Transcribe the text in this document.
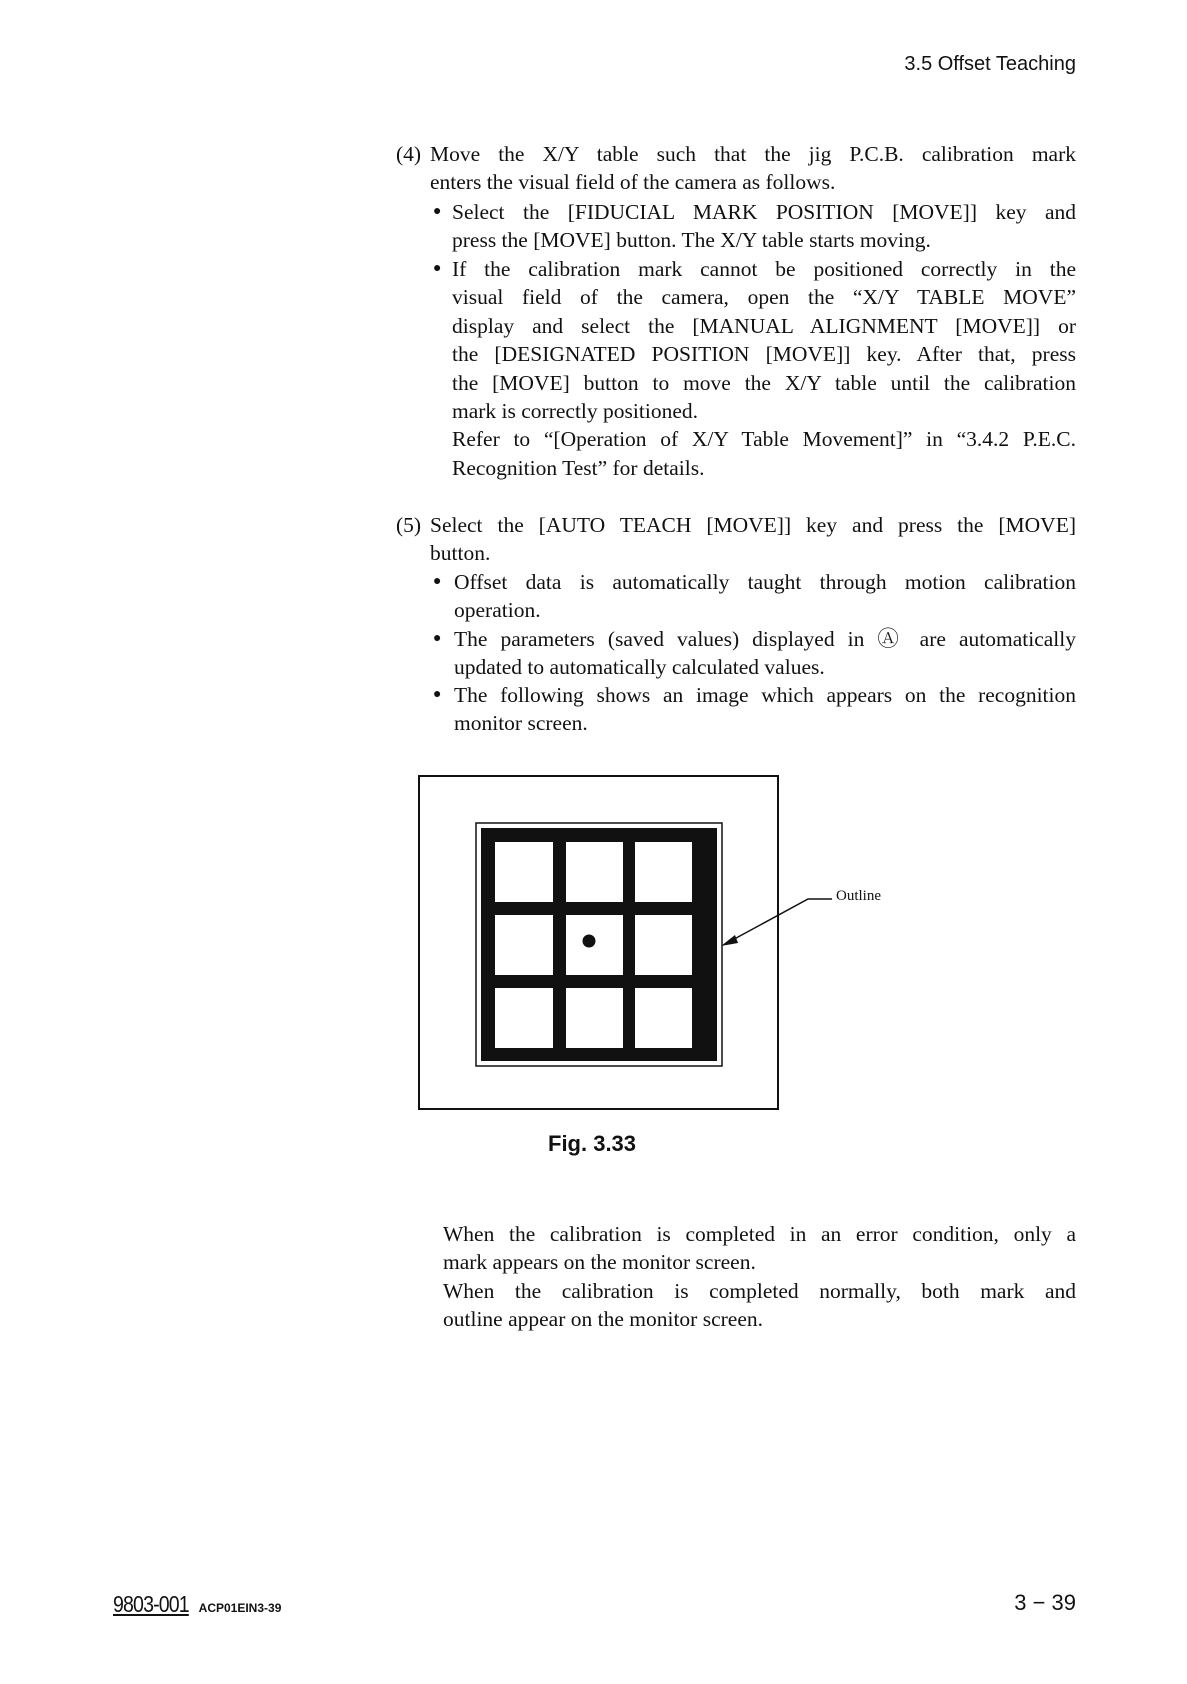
3.5 Offset Teaching
(4) Move the X/Y table such that the jig P.C.B. calibration mark
enters the visual field of the camera as follows.
● Select the [FIDUCIAL MARK POSITION [MOVE]] key and
press the [MOVE] button. The X/Y table starts moving.
● If the calibration mark cannot be positioned correctly in the
visual field of the camera, open the “X/Y TABLE MOVE”
display and select the [MANUAL ALIGNMENT [MOVE]] or
the [DESIGNATED POSITION [MOVE]] key. After that, press
the [MOVE] button to move the X/Y table until the calibration
mark is correctly positioned.
Refer to “[Operation of X/Y Table Movement]” in “3.4.2 P.E.C.
Recognition Test” for details.
(5) Select the [AUTO TEACH [MOVE]] key and press the [MOVE]
button.
● Offset data is automatically taught through motion calibration
operation.
● The parameters (saved values) displayed in Ⓐ are automatically
updated to automatically calculated values.
● The following shows an image which appears on the recognition
monitor screen.
Outline
Fig. 3.33
When the calibration is completed in an error condition, only a
mark appears on the monitor screen.
When the calibration is completed normally, both mark and
outline appear on the monitor screen.
9803-001 ACP01EIN3-39	3 − 39
